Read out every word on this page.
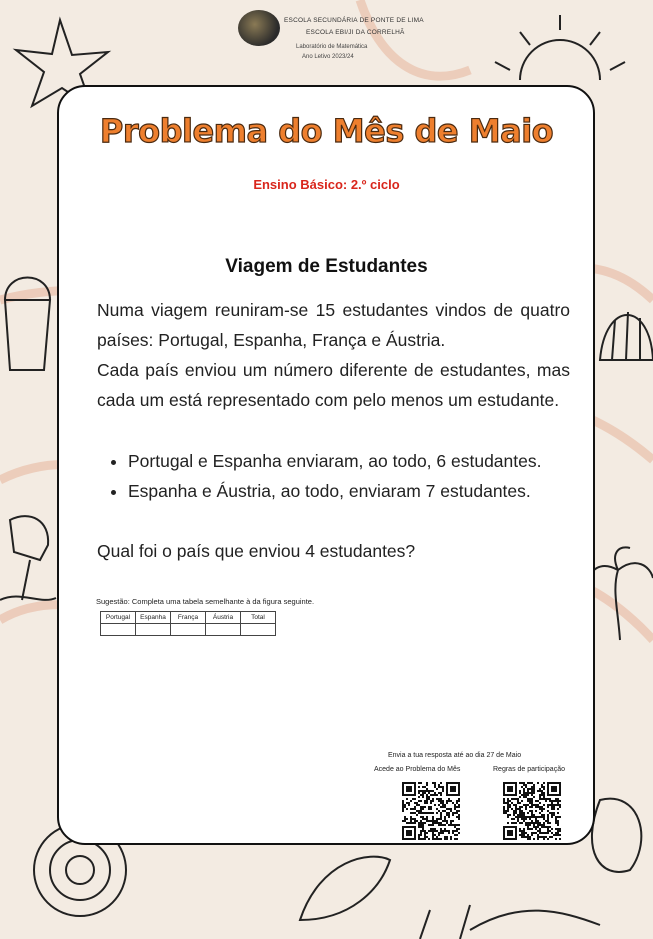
ESCOLA SECUNDÁRIA DE PONTE DE LIMA
ESCOLA EBI/JI DA CORRELHÃ
Laboratório de Matemática
Ano Letivo 2023/24
Problema do Mês de Maio
Ensino Básico: 2.º ciclo
Viagem de Estudantes
Numa viagem reuniram-se 15 estudantes vindos de quatro países: Portugal, Espanha, França e Áustria.
Cada país enviou um número diferente de estudantes, mas cada um está representado com pelo menos um estudante.
• Portugal e Espanha enviaram, ao todo, 6 estudantes.
• Espanha e Áustria, ao todo, enviaram 7 estudantes.
Qual foi o país que enviou 4 estudantes?
Sugestão: Completa uma tabela semelhante à da figura seguinte.
Portugal	Espanha	França	Áustria	Total

Envia a tua resposta até ao dia 27 de Maio
Acede ao Problema do Mês	Regras de participação
